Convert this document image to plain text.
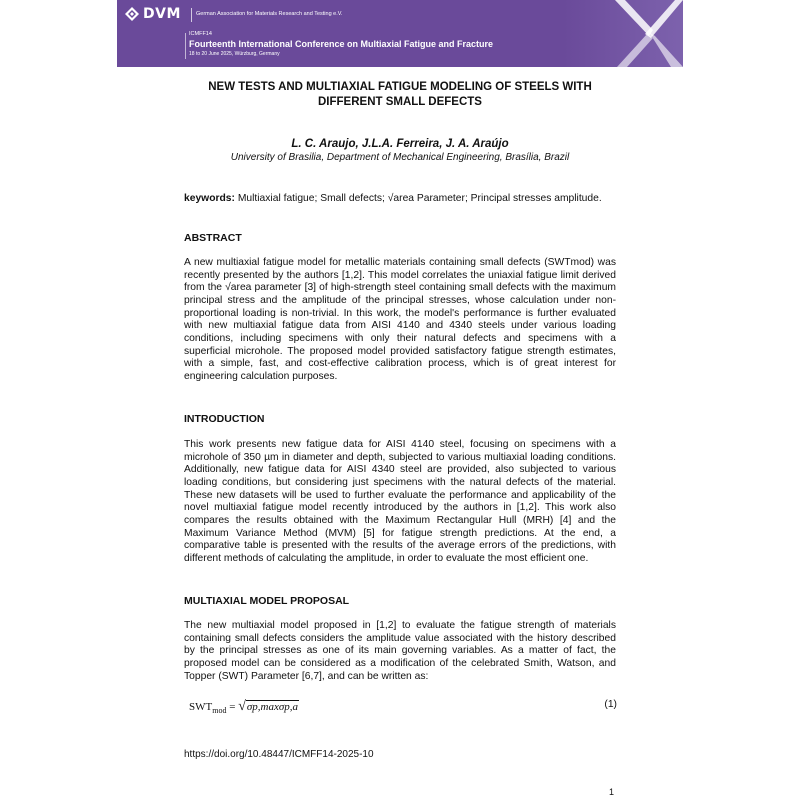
DVM	German Association for Materials Research and Testing e.V.
ICMFF14
Fourteenth International Conference on Multiaxial Fatigue and Fracture
18 to 20 June 2025, Würzburg, Germany
NEW TESTS AND MULTIAXIAL FATIGUE MODELING OF STEELS WITH
DIFFERENT SMALL DEFECTS
L. C. Araujo, J.L.A. Ferreira, J. A. Araújo
University of Brasilia, Department of Mechanical Engineering, Brasília, Brazil
keywords: Multiaxial fatigue; Small defects; √area Parameter; Principal stresses amplitude.
ABSTRACT
A new multiaxial fatigue model for metallic materials containing small defects (SWTmod) was recently presented by the authors [1,2]. This model correlates the uniaxial fatigue limit derived from the √area parameter [3] of high-strength steel containing small defects with the maximum principal stress and the amplitude of the principal stresses, whose calculation under non-proportional loading is non-trivial. In this work, the model's performance is further evaluated with new multiaxial fatigue data from AISI 4140 and 4340 steels under various loading conditions, including specimens with only their natural defects and specimens with a superficial microhole. The proposed model provided satisfactory fatigue strength estimates, with a simple, fast, and cost-effective calibration process, which is of great interest for engineering calculation purposes.
INTRODUCTION
This work presents new fatigue data for AISI 4140 steel, focusing on specimens with a microhole of 350 µm in diameter and depth, subjected to various multiaxial loading conditions. Additionally, new fatigue data for AISI 4340 steel are provided, also subjected to various loading conditions, but considering just specimens with the natural defects of the material. These new datasets will be used to further evaluate the performance and applicability of the novel multiaxial fatigue model recently introduced by the authors in [1,2]. This work also compares the results obtained with the Maximum Rectangular Hull (MRH) [4] and the Maximum Variance Method (MVM) [5] for fatigue strength predictions. At the end, a comparative table is presented with the results of the average errors of the predictions, with different methods of calculating the amplitude, in order to evaluate the most efficient one.
MULTIAXIAL MODEL PROPOSAL
The new multiaxial model proposed in [1,2] to evaluate the fatigue strength of materials containing small defects considers the amplitude value associated with the history described by the principal stresses as one of its main governing variables. As a matter of fact, the proposed model can be considered as a modification of the celebrated Smith, Watson, and Topper (SWT) Parameter [6,7], and can be written as:
$SWT_{mod} = √\sigma p,\max\sigma p,a$	(1)
https://doi.org/10.48447/ICMFF14-2025-10
1
